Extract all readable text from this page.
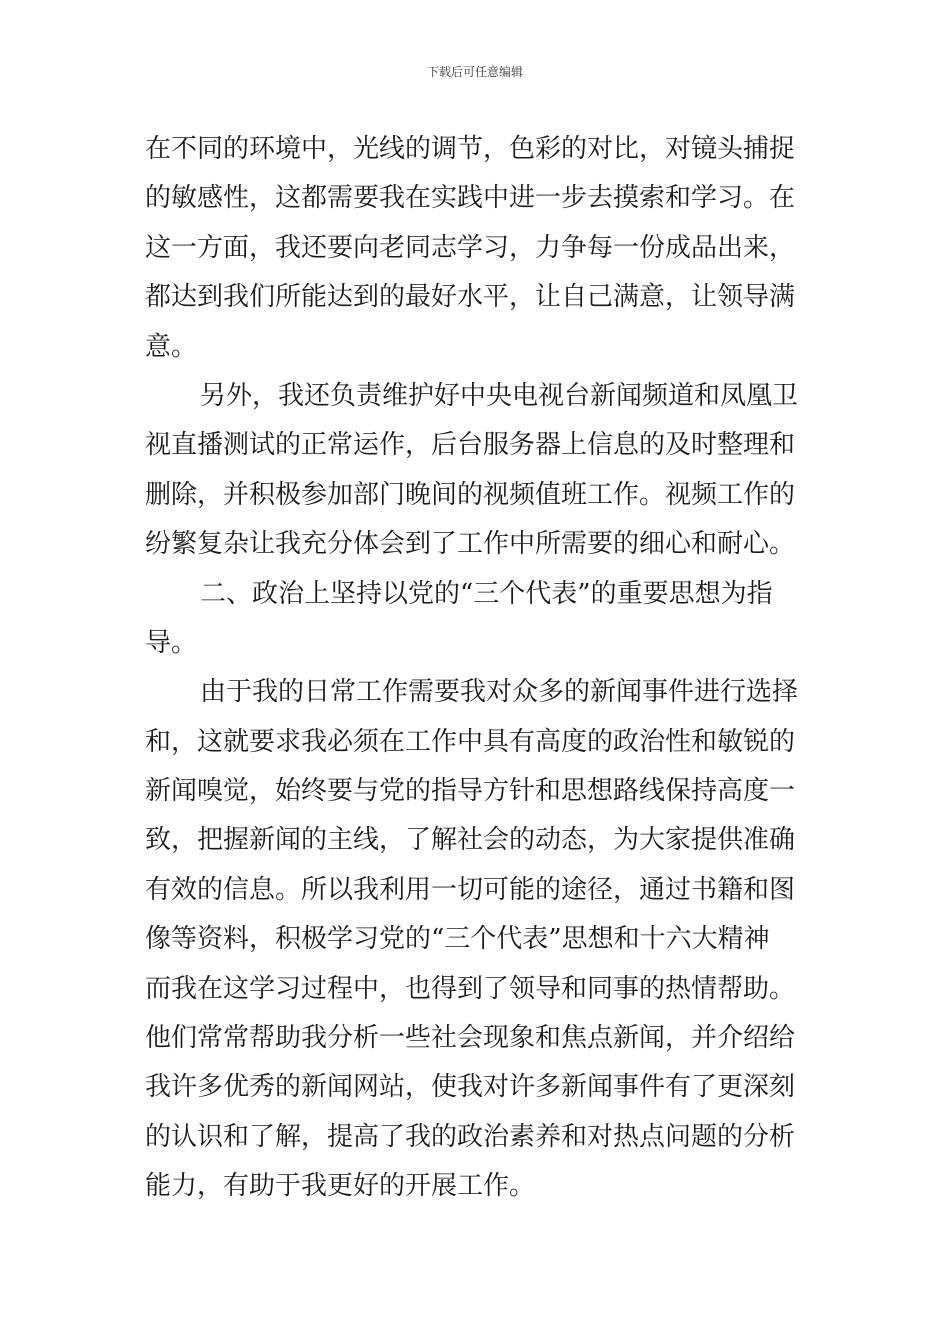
下载后可任意编辑
在不同的环境中，光线的调节，色彩的对比，对镜头捕捉
的敏感性，这都需要我在实践中进一步去摸索和学习。在
这一方面，我还要向老同志学习，力争每一份成品出来，
都达到我们所能达到的最好水平，让自己满意，让领导满
意。
另外，我还负责维护好中央电视台新闻频道和凤凰卫
视直播测试的正常运作，后台服务器上信息的及时整理和
删除，并积极参加部门晚间的视频值班工作。视频工作的
纷繁复杂让我充分体会到了工作中所需要的细心和耐心。
二、政治上坚持以党的“三个代表”的重要思想为指
导。
由于我的日常工作需要我对众多的新闻事件进行选择
和，这就要求我必须在工作中具有高度的政治性和敏锐的
新闻嗅觉，始终要与党的指导方针和思想路线保持高度一
致，把握新闻的主线，了解社会的动态，为大家提供准确
有效的信息。所以我利用一切可能的途径，通过书籍和图
像等资料，积极学习党的“三个代表”思想和十六大精神
而我在这学习过程中，也得到了领导和同事的热情帮助。
他们常常帮助我分析一些社会现象和焦点新闻，并介绍给
我许多优秀的新闻网站，使我对许多新闻事件有了更深刻
的认识和了解，提高了我的政治素养和对热点问题的分析
能力，有助于我更好的开展工作。
